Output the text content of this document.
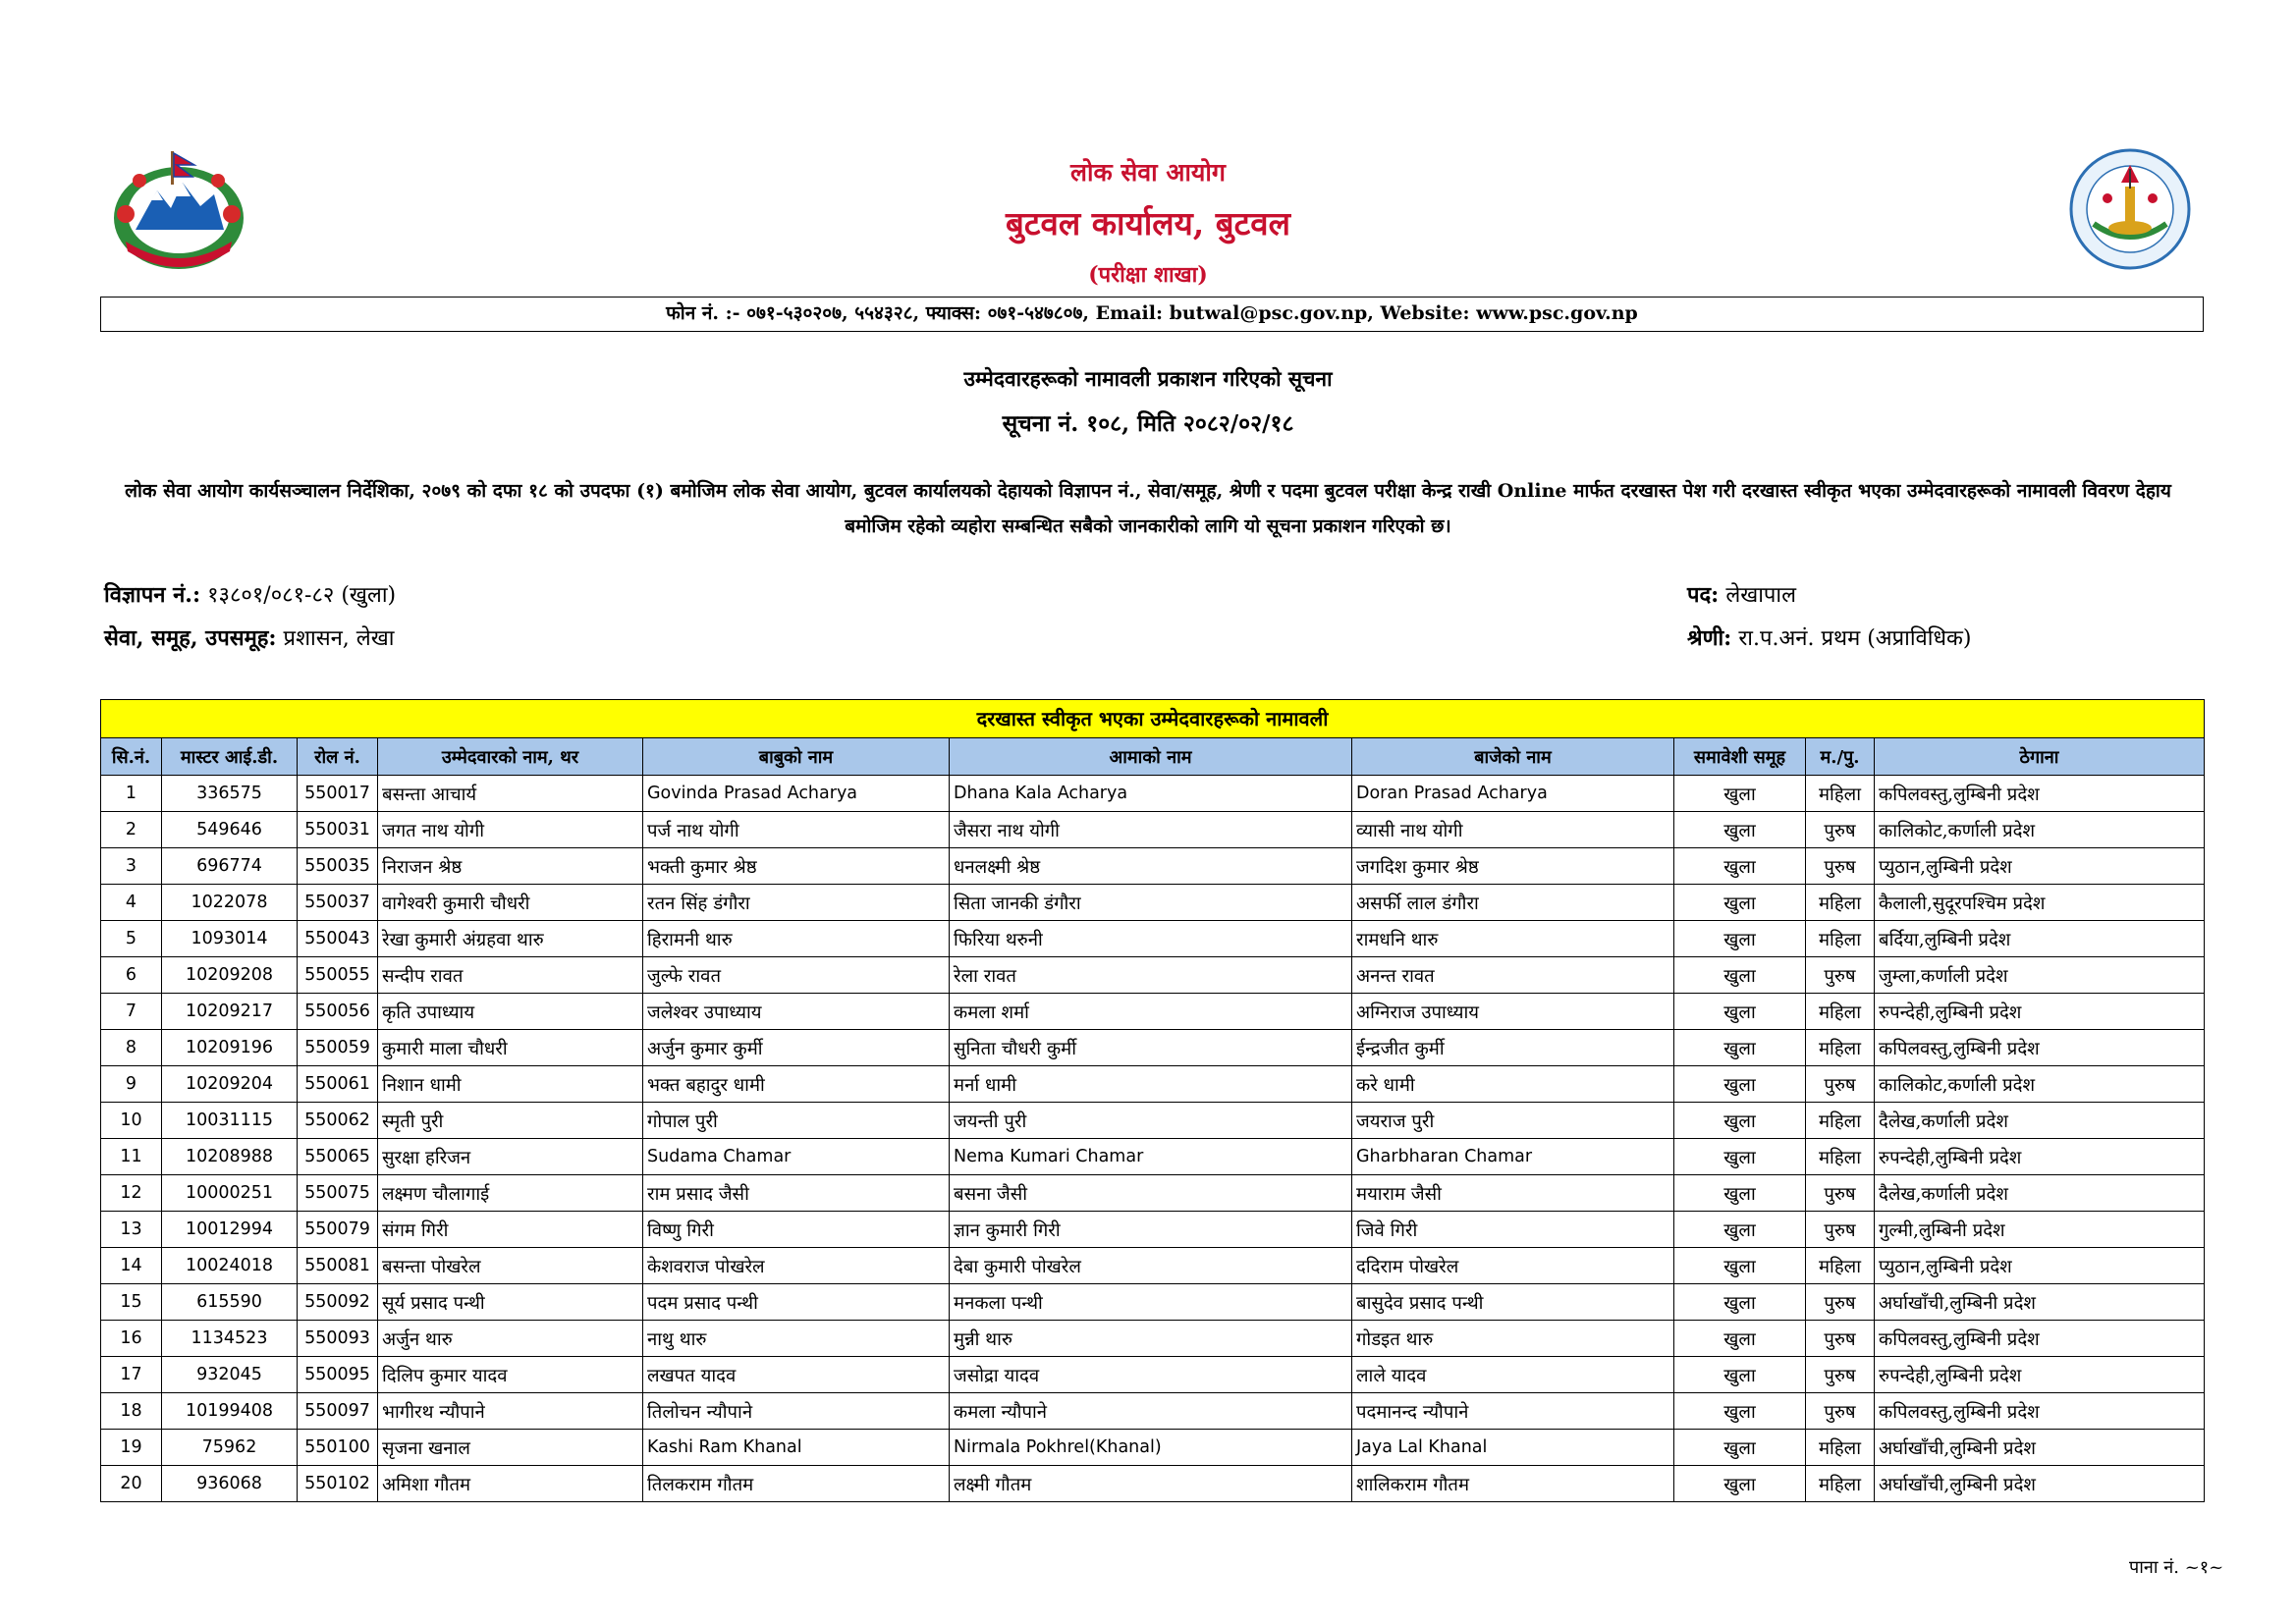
लोक सेवा आयोग
बुटवल कार्यालय, बुटवल
(परीक्षा शाखा)
फोन नं. :- ०७१-५३०२०७, ५५४३२८, फ्याक्स: ०७१-५४७८०७, Email: butwal@psc.gov.np, Website: www.psc.gov.np
उम्मेदवारहरूको नामावली प्रकाशन गरिएको सूचना
सूचना नं. १०८, मिति २०८२/०२/१८
लोक सेवा आयोग कार्यसञ्चालन निर्देशिका, २०७९ को दफा १८ को उपदफा (१) बमोजिम लोक सेवा आयोग, बुटवल कार्यालयको देहायको विज्ञापन नं., सेवा/समूह, श्रेणी र पदमा बुटवल परीक्षा केन्द्र राखी Online मार्फत दरखास्त पेश गरी दरखास्त स्वीकृत भएका उम्मेदवारहरूको नामावली विवरण देहाय बमोजिम रहेको व्यहोरा सम्बन्धित सबैको जानकारीको लागि यो सूचना प्रकाशन गरिएको छ।
विज्ञापन नं.: १३८०१/०८१-८२ (खुला)
सेवा, समूह, उपसमूह: प्रशासन, लेखा
पद: लेखापाल
श्रेणी: रा.प.अनं. प्रथम (अप्राविधिक)
दरखास्त स्वीकृत भएका उम्मेदवारहरूको नामावली
सि.नं.	मास्टर आई.डी.	रोल नं.	उम्मेदवारको नाम, थर	बाबुको नाम	आमाको नाम	बाजेको नाम	समावेशी समूह	म./पु.	ठेगाना
1	336575	550017	बसन्ता आचार्य	Govinda Prasad Acharya	Dhana Kala Acharya	Doran Prasad Acharya	खुला	महिला	कपिलवस्तु,लुम्बिनी प्रदेश
2	549646	550031	जगत नाथ योगी	पर्ज नाथ योगी	जैसरा नाथ योगी	व्यासी नाथ योगी	खुला	पुरुष	कालिकोट,कर्णाली प्रदेश
3	696774	550035	निराजन श्रेष्ठ	भक्ती कुमार श्रेष्ठ	धनलक्ष्मी श्रेष्ठ	जगदिश कुमार श्रेष्ठ	खुला	पुरुष	प्युठान,लुम्बिनी प्रदेश
4	1022078	550037	वागेश्वरी कुमारी चौधरी	रतन सिंह डंगौरा	सिता जानकी डंगौरा	असर्फी लाल डंगौरा	खुला	महिला	कैलाली,सुदूरपश्चिम प्रदेश
5	1093014	550043	रेखा कुमारी अंग्रहवा थारु	हिरामनी थारु	फिरिया थरुनी	रामधनि थारु	खुला	महिला	बर्दिया,लुम्बिनी प्रदेश
6	10209208	550055	सन्दीप रावत	जुल्फे रावत	रेला रावत	अनन्त रावत	खुला	पुरुष	जुम्ला,कर्णाली प्रदेश
7	10209217	550056	कृति उपाध्याय	जलेश्वर उपाध्याय	कमला शर्मा	अग्निराज उपाध्याय	खुला	महिला	रुपन्देही,लुम्बिनी प्रदेश
8	10209196	550059	कुमारी माला चौधरी	अर्जुन कुमार कुर्मी	सुनिता चौधरी कुर्मी	ईन्द्रजीत कुर्मी	खुला	महिला	कपिलवस्तु,लुम्बिनी प्रदेश
9	10209204	550061	निशान धामी	भक्त बहादुर धामी	मर्ना धामी	करे धामी	खुला	पुरुष	कालिकोट,कर्णाली प्रदेश
10	10031115	550062	स्मृती पुरी	गोपाल पुरी	जयन्ती पुरी	जयराज पुरी	खुला	महिला	दैलेख,कर्णाली प्रदेश
11	10208988	550065	सुरक्षा हरिजन	Sudama Chamar	Nema Kumari Chamar	Gharbharan Chamar	खुला	महिला	रुपन्देही,लुम्बिनी प्रदेश
12	10000251	550075	लक्ष्मण चौलागाई	राम प्रसाद जैसी	बसना जैसी	मयाराम जैसी	खुला	पुरुष	दैलेख,कर्णाली प्रदेश
13	10012994	550079	संगम गिरी	विष्णु गिरी	ज्ञान कुमारी गिरी	जिवे गिरी	खुला	पुरुष	गुल्मी,लुम्बिनी प्रदेश
14	10024018	550081	बसन्ता पोखरेल	केशवराज पोखरेल	देबा कुमारी पोखरेल	ददिराम पोखरेल	खुला	महिला	प्युठान,लुम्बिनी प्रदेश
15	615590	550092	सूर्य प्रसाद पन्थी	पदम प्रसाद पन्थी	मनकला पन्थी	बासुदेव प्रसाद पन्थी	खुला	पुरुष	अर्घाखाँची,लुम्बिनी प्रदेश
16	1134523	550093	अर्जुन थारु	नाथु थारु	मुन्नी थारु	गोडइत थारु	खुला	पुरुष	कपिलवस्तु,लुम्बिनी प्रदेश
17	932045	550095	दिलिप कुमार यादव	लखपत यादव	जसोद्रा यादव	लाले यादव	खुला	पुरुष	रुपन्देही,लुम्बिनी प्रदेश
18	10199408	550097	भागीरथ न्यौपाने	तिलोचन न्यौपाने	कमला न्यौपाने	पदमानन्द न्यौपाने	खुला	पुरुष	कपिलवस्तु,लुम्बिनी प्रदेश
19	75962	550100	सृजना खनाल	Kashi Ram Khanal	Nirmala Pokhrel(Khanal)	Jaya Lal Khanal	खुला	महिला	अर्घाखाँची,लुम्बिनी प्रदेश
20	936068	550102	अमिशा गौतम	तिलकराम गौतम	लक्ष्मी गौतम	शालिकराम गौतम	खुला	महिला	अर्घाखाँची,लुम्बिनी प्रदेश
पाना नं. ~१~
